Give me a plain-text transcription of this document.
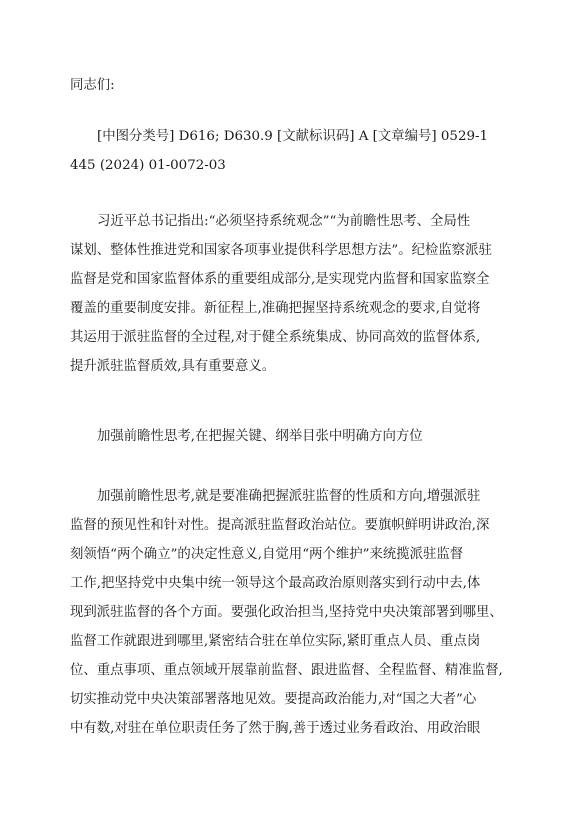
同志们:
[中图分类号] D616; D630.9 [文献标识码] A [文章编号] 0529-1
445 (2024) 01-0072-03
习近平总书记指出:“必须坚持系统观念”“为前瞻性思考、全局性
谋划、整体性推进党和国家各项事业提供科学思想方法”。纪检监察派驻
监督是党和国家监督体系的重要组成部分,是实现党内监督和国家监察全
覆盖的重要制度安排。新征程上,准确把握坚持系统观念的要求,自觉将
其运用于派驻监督的全过程,对于健全系统集成、协同高效的监督体系,
提升派驻监督质效,具有重要意义。
加强前瞻性思考,在把握关键、纲举目张中明确方向方位
加强前瞻性思考,就是要准确把握派驻监督的性质和方向,增强派驻
监督的预见性和针对性。提高派驻监督政治站位。要旗帜鲜明讲政治,深
刻领悟“两个确立”的决定性意义,自觉用“两个维护”来统揽派驻监督
工作,把坚持党中央集中统一领导这个最高政治原则落实到行动中去,体
现到派驻监督的各个方面。要强化政治担当,坚持党中央决策部署到哪里、
监督工作就跟进到哪里,紧密结合驻在单位实际,紧盯重点人员、重点岗
位、重点事项、重点领域开展靠前监督、跟进监督、全程监督、精准监督,
切实推动党中央决策部署落地见效。要提高政治能力,对“国之大者”心
中有数,对驻在单位职责任务了然于胸,善于透过业务看政治、用政治眼
